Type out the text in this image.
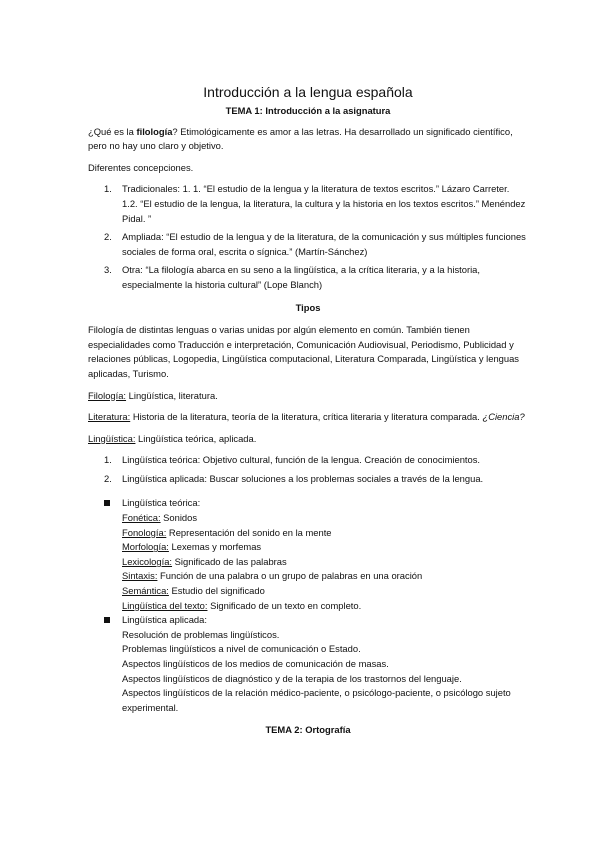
Introducción a la lengua española
TEMA 1: Introducción a la asignatura

¿Qué es la filología? Etimológicamente es amor a las letras. Ha desarrollado un significado científico, pero no hay uno claro y objetivo.

Diferentes concepciones.

1. Tradicionales: 1. 1. “El estudio de la lengua y la literatura de textos escritos.” Lázaro Carreter.
1.2. “El estudio de la lengua, la literatura, la cultura y la historia en los textos escritos.” Menéndez Pidal. ”
2. Ampliada: “El estudio de la lengua y de la literatura, de la comunicación y sus múltiples funciones sociales de forma oral, escrita o sígnica.” (Martín-Sánchez)
3. Otra: “La filología abarca en su seno a la lingüística, a la crítica literaria, y a la historia, especialmente la historia cultural” (Lope Blanch)
Tipos

Filología de distintas lenguas o varias unidas por algún elemento en común. También tienen especialidades como Traducción e interpretación, Comunicación Audiovisual, Periodismo, Publicidad y relaciones públicas, Logopedia, Lingüística computacional, Literatura Comparada, Lingüística y lenguas aplicadas, Turismo.

Filología: Lingüística, literatura.

Literatura: Historia de la literatura, teoría de la literatura, crítica literaria y literatura comparada. ¿Ciencia?

Lingüística: Lingüística teórica, aplicada.

1. Lingüística teórica: Objetivo cultural, función de la lengua. Creación de conocimientos.
2. Lingüística aplicada: Buscar soluciones a los problemas sociales a través de la lengua.
Lingüística teórica:
Fonética: Sonidos
Fonología: Representación del sonido en la mente
Morfología: Lexemas y morfemas
Lexicología: Significado de las palabras
Sintaxis: Función de una palabra o un grupo de palabras en una oración
Semántica: Estudio del significado
Lingüística del texto: Significado de un texto en completo.
Lingüística aplicada:
Resolución de problemas lingüísticos.
Problemas lingüísticos a nivel de comunicación o Estado.
Aspectos lingüísticos de los medios de comunicación de masas.
Aspectos lingüísticos de diagnóstico y de la terapia de los trastornos del lenguaje.
Aspectos lingüísticos de la relación médico-paciente, o psicólogo-paciente, o psicólogo sujeto experimental.
TEMA 2: Ortografía
